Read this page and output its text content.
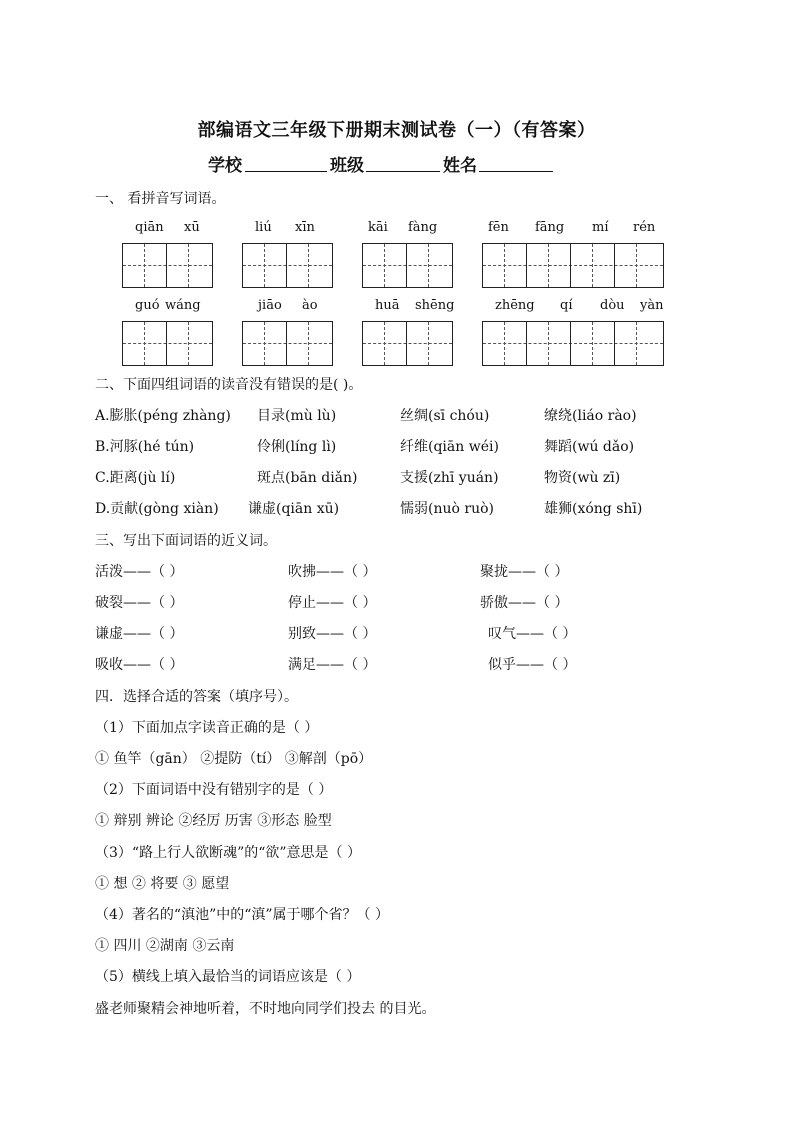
部编语文三年级下册期末测试卷（一）（有答案）
学校	班级	姓名
一、 看拼音写词语。
qiān xū	liú xīn	kāi fàng	fēn fāng mí rén
guó wáng	jiāo ào	huā shēng	zhēng qí dòu yàn
二、下面四组词语的读音没有错误的是( )。
A.膨胀(péng zhàng) 目录(mù lù)	丝绸(sī chóu)	缭绕(liáo rào)
B.河豚(hé tún)	伶俐(líng lì)	纤维(qiān wéi)	舞蹈(wú dǎo)
C.距离(jù lí)	斑点(bān diǎn)	支援(zhī yuán)	物资(wù zī)
D.贡献(gòng xiàn) 谦虚(qiān xū)	懦弱(nuò ruò)	雄狮(xóng shī)
三、写出下面词语的近义词。
活泼——（ ）	吹拂——（ ）	聚拢——（ ）
破裂——（ ）	停止——（ ）	骄傲——（ ）
谦虚——（ ）	别致——（ ）	叹气——（ ）
吸收——（ ）	满足——（ ）	似乎——（ ）
四．选择合适的答案（填序号）。
（1）下面加点字读音正确的是（ ）
① 鱼竿（gān） ②提防（tí） ③解剖（pō）
（2）下面词语中没有错别字的是（ ）
① 辩别 辨论 ②经厉 历害 ③形态 脸型
（3）“路上行人欲断魂”的“欲”意思是（ ）
① 想 ② 将要 ③ 愿望
（4）著名的“滇池”中的“滇”属于哪个省？（ ）
① 四川 ②湖南 ③云南
（5）横线上填入最恰当的词语应该是（ ）
盛老师聚精会神地听着，不时地向同学们投去 的目光。
